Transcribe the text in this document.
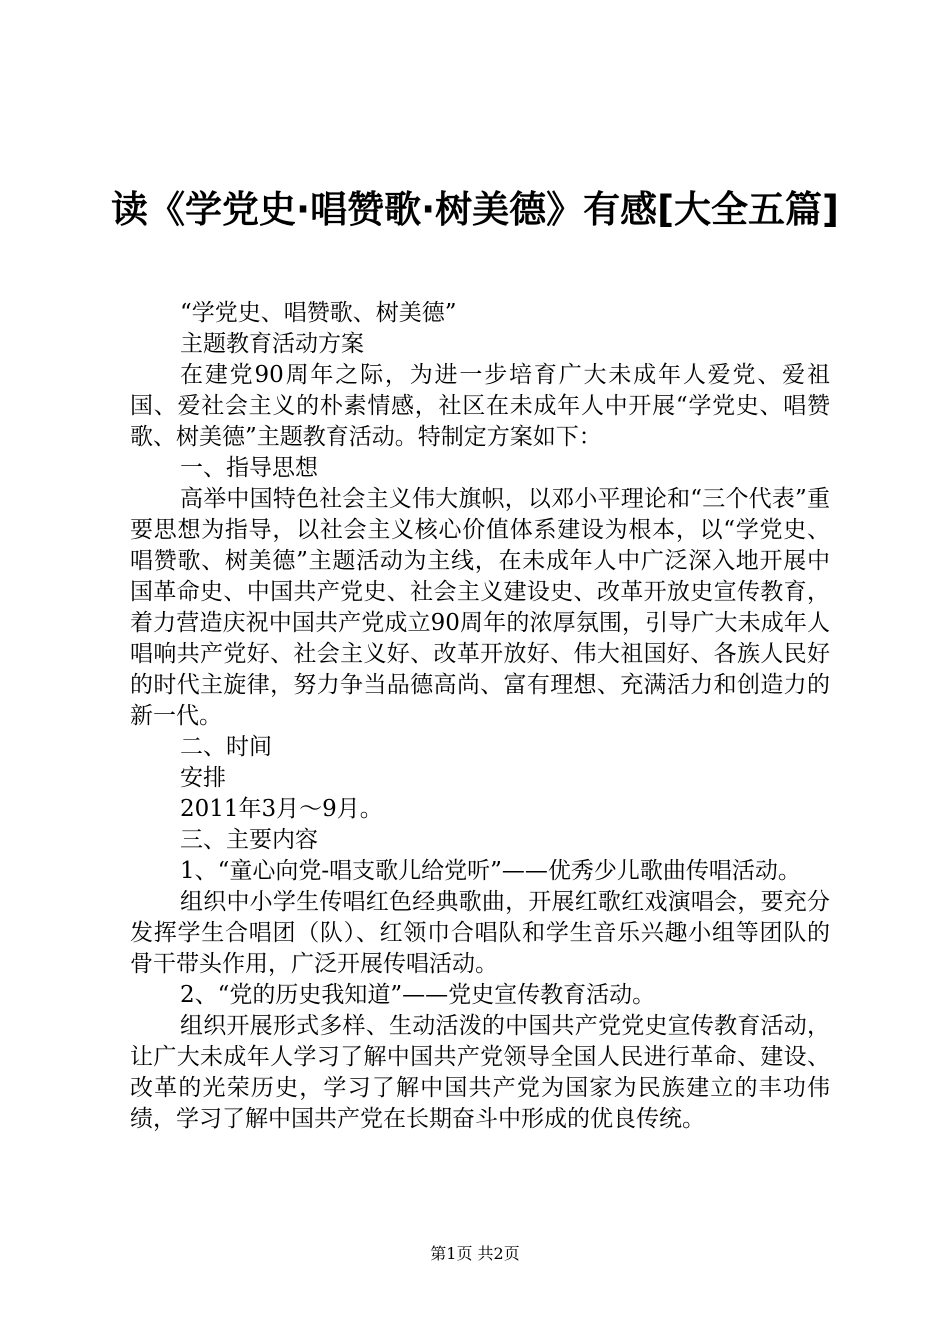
读《学党史·唱赞歌·树美德》有感[大全五篇]

“学党史、唱赞歌、树美德”

主题教育活动方案

在建党90周年之际，为进一步培育广大未成年人爱党、爱祖国、爱社会主义的朴素情感，社区在未成年人中开展“学党史、唱赞歌、树美德”主题教育活动。特制定方案如下：

一、指导思想

高举中国特色社会主义伟大旗帜，以邓小平理论和“三个代表”重要思想为指导，以社会主义核心价值体系建设为根本，以“学党史、唱赞歌、树美德”主题活动为主线，在未成年人中广泛深入地开展中国革命史、中国共产党史、社会主义建设史、改革开放史宣传教育，着力营造庆祝中国共产党成立90周年的浓厚氛围，引导广大未成年人唱响共产党好、社会主义好、改革开放好、伟大祖国好、各族人民好的时代主旋律，努力争当品德高尚、富有理想、充满活力和创造力的新一代。

二、时间

安排

2011年3月～9月。

三、主要内容

1、“童心向党-唱支歌儿给党听”——优秀少儿歌曲传唱活动。

组织中小学生传唱红色经典歌曲，开展红歌红戏演唱会，要充分发挥学生合唱团（队）、红领巾合唱队和学生音乐兴趣小组等团队的骨干带头作用，广泛开展传唱活动。

2、“党的历史我知道”——党史宣传教育活动。

组织开展形式多样、生动活泼的中国共产党党史宣传教育活动，让广大未成年人学习了解中国共产党领导全国人民进行革命、建设、改革的光荣历史，学习了解中国共产党为国家为民族建立的丰功伟绩，学习了解中国共产党在长期奋斗中形成的优良传统。

第1页 共2页
